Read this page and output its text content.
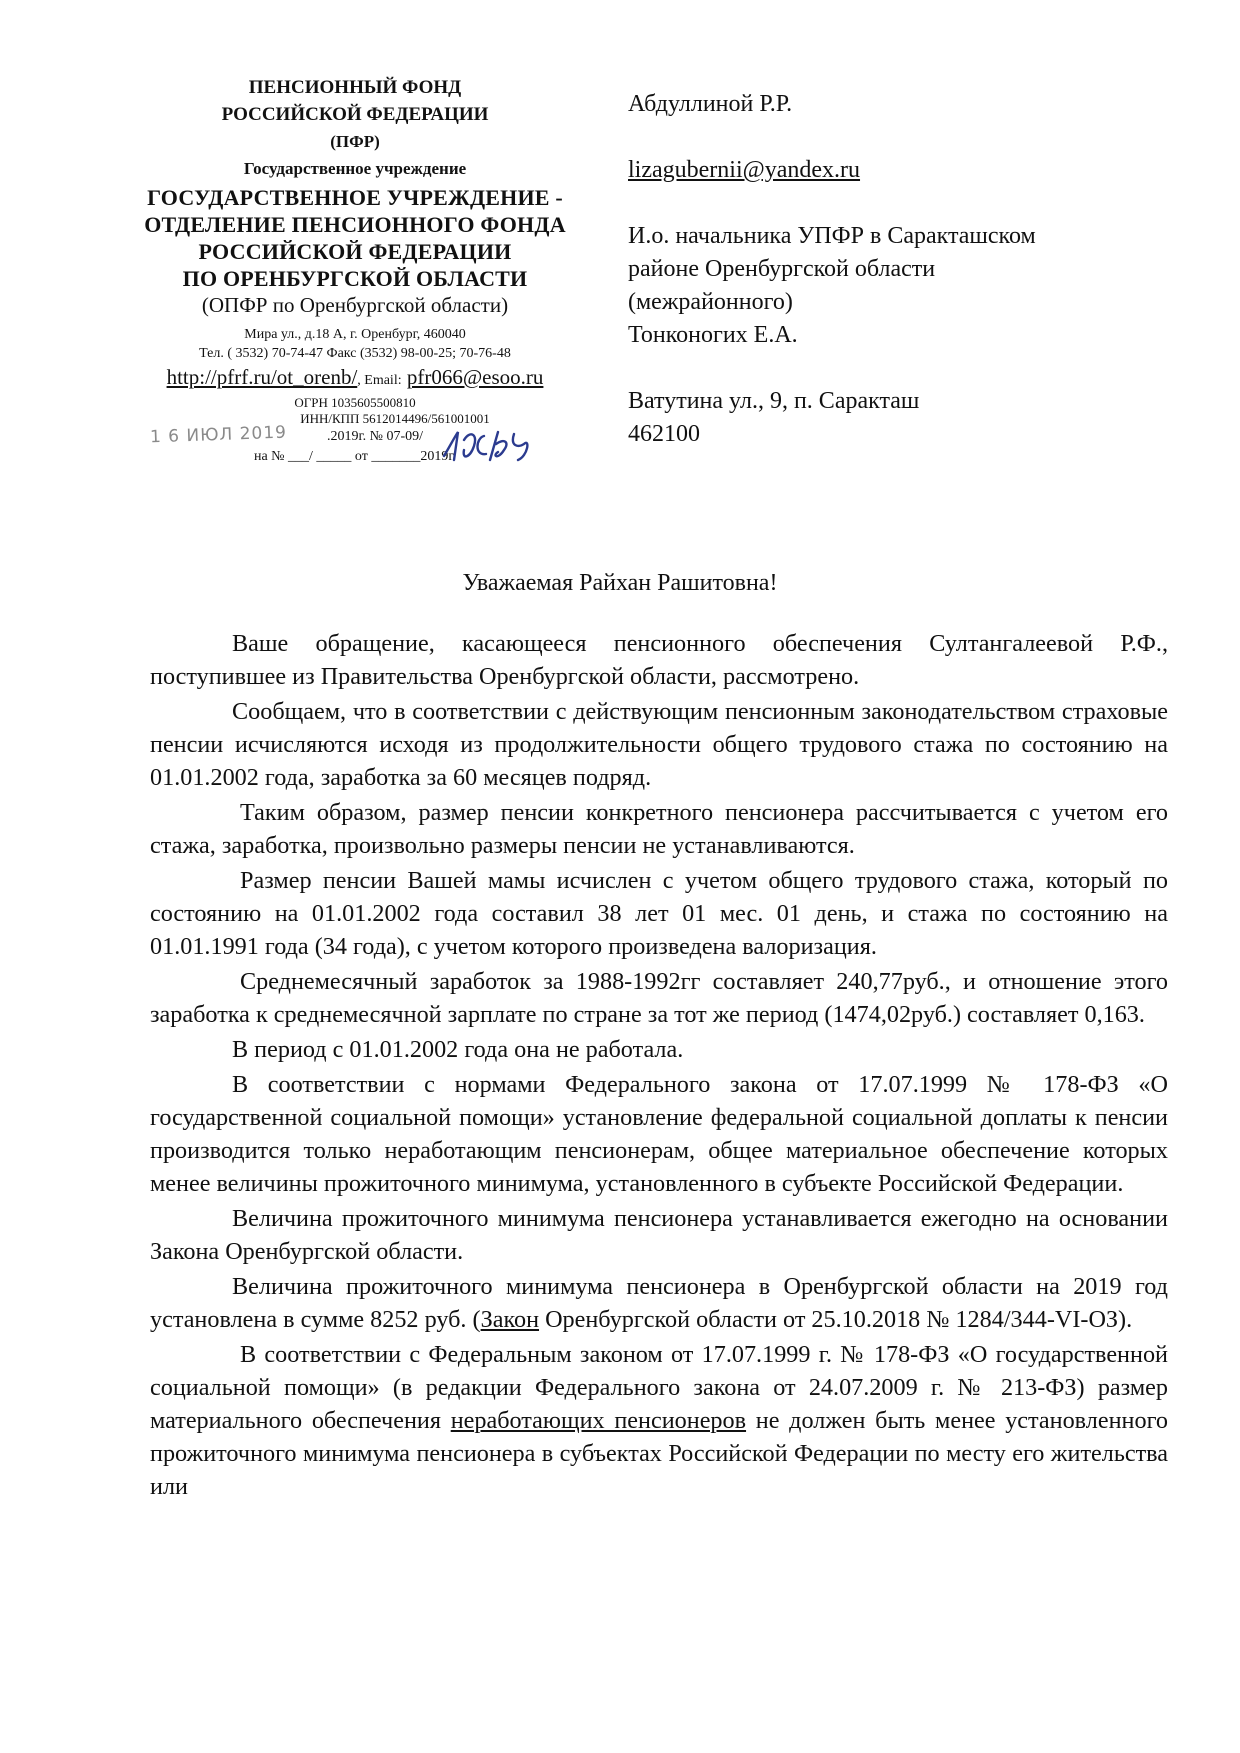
ПЕНСИОННЫЙ ФОНД
РОССИЙСКОЙ ФЕДЕРАЦИИ
(ПФР)
Государственное учреждение
ГОСУДАРСТВЕННОЕ УЧРЕЖДЕНИЕ -
ОТДЕЛЕНИЕ ПЕНСИОННОГО ФОНДА
РОССИЙСКОЙ ФЕДЕРАЦИИ
ПО ОРЕНБУРГСКОЙ ОБЛАСТИ
(ОПФР по Оренбургской области)
Мира ул., д.18 А, г. Оренбург, 460040
Тел. ( 3532) 70-74-47 Факс (3532) 98-00-25; 70-76-48
http://pfrf.ru/ot_orenb/, Email: pfr066@esoo.ru
ОГРН 1035605500810
ИНН/КПП 5612014496/561001001
.2019г. № 07-09/
на № ___/ _____ от _______2019г.
1 6 ИЮЛ 2019
Абдуллиной Р.Р.
lizagubernii@yandex.ru
И.о. начальника УПФР в Саракташском
районе Оренбургской области
(межрайонного)
Тонконогих Е.А.
Ватутина ул., 9, п. Саракташ
462100
Уважаемая Райхан Рашитовна!

Ваше обращение, касающееся пенсионного обеспечения Султангалеевой Р.Ф., поступившее из Правительства Оренбургской области, рассмотрено.

Сообщаем, что в соответствии с действующим пенсионным законодательством страховые пенсии исчисляются исходя из продолжительности общего трудового стажа по состоянию на 01.01.2002 года, заработка за 60 месяцев подряд.

Таким образом, размер пенсии конкретного пенсионера рассчитывается с учетом его стажа, заработка, произвольно размеры пенсии не устанавливаются.

Размер пенсии Вашей мамы исчислен с учетом общего трудового стажа, который по состоянию на 01.01.2002 года составил 38 лет 01 мес. 01 день, и стажа по состоянию на 01.01.1991 года (34 года), с учетом которого произведена валоризация.

Среднемесячный заработок за 1988-1992гг составляет 240,77руб., и отношение этого заработка к среднемесячной зарплате по стране за тот же период (1474,02руб.) составляет 0,163.

В период с 01.01.2002 года она не работала.

В соответствии с нормами Федерального закона от 17.07.1999 № 178-ФЗ «О государственной социальной помощи» установление федеральной социальной доплаты к пенсии производится только неработающим пенсионерам, общее материальное обеспечение которых менее величины прожиточного минимума, установленного в субъекте Российской Федерации.

Величина прожиточного минимума пенсионера устанавливается ежегодно на основании Закона Оренбургской области.

Величина прожиточного минимума пенсионера в Оренбургской области на 2019 год установлена в сумме 8252 руб. (Закон Оренбургской области от 25.10.2018 № 1284/344-VI-ОЗ).

В соответствии с Федеральным законом от 17.07.1999 г. № 178-ФЗ «О государственной социальной помощи» (в редакции Федерального закона от 24.07.2009 г. № 213-ФЗ) размер материального обеспечения неработающих пенсионеров не должен быть менее установленного прожиточного минимума пенсионера в субъектах Российской Федерации по месту его жительства или
